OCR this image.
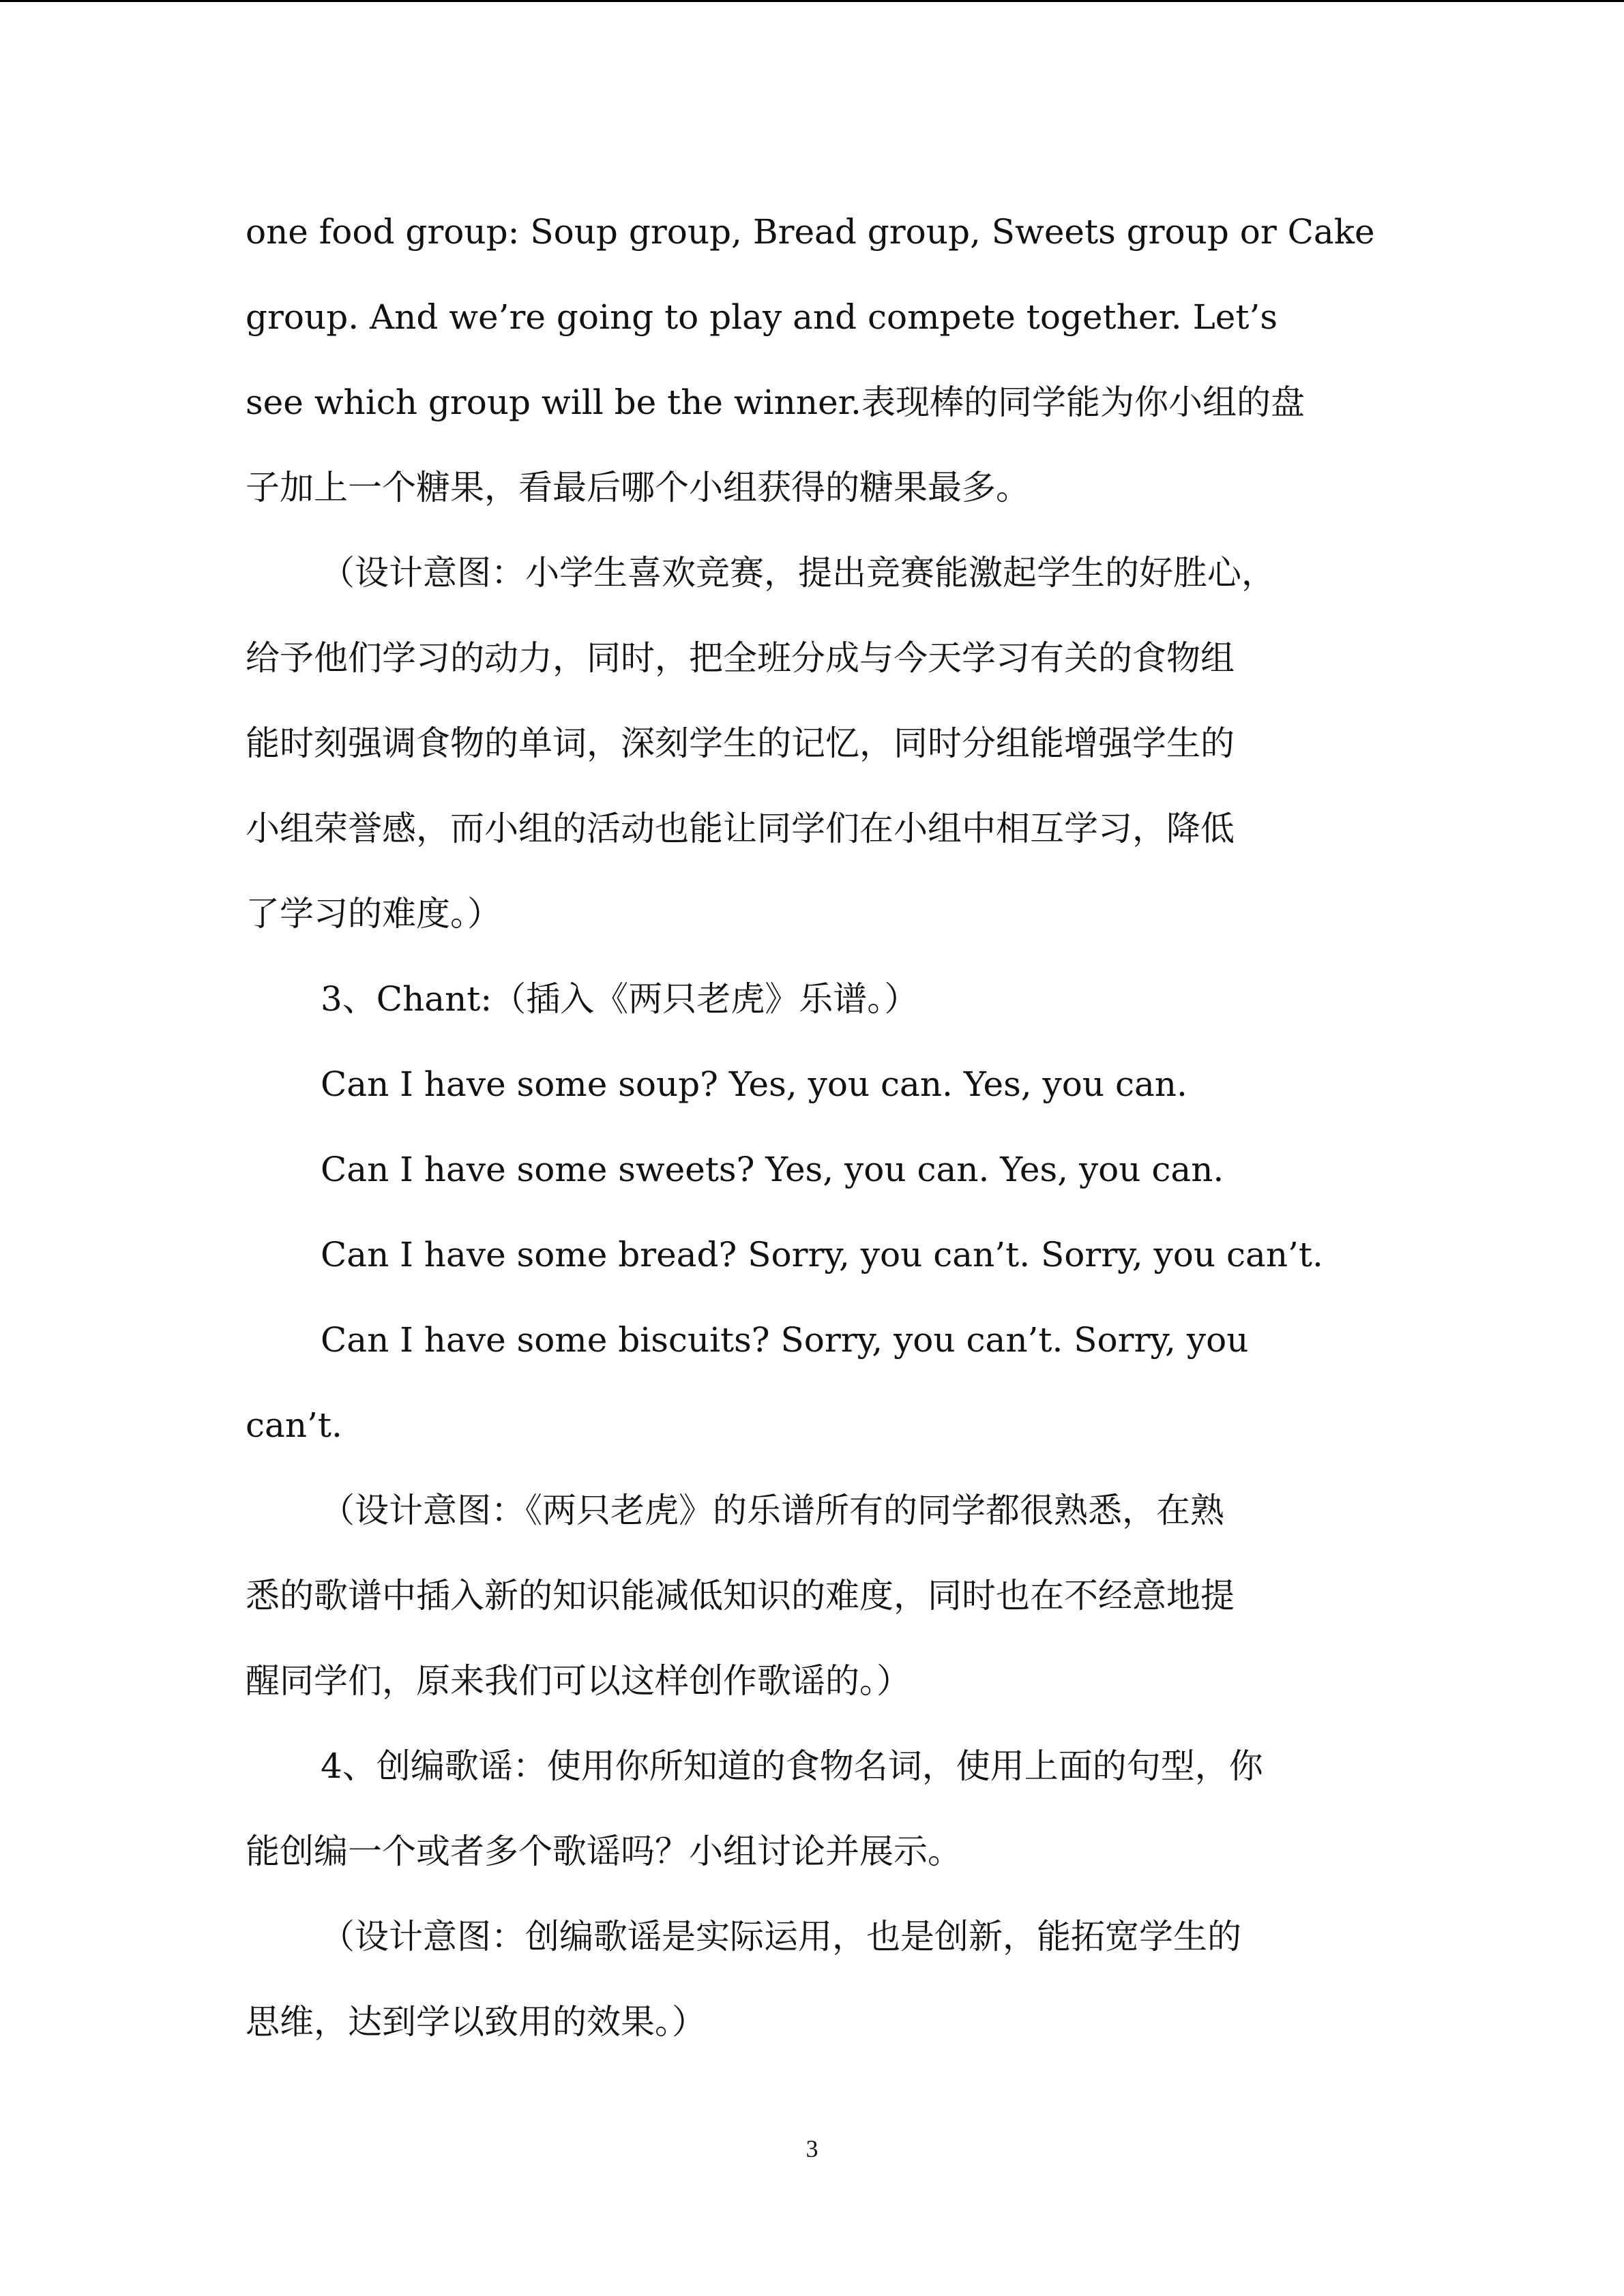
one food group: Soup group, Bread group, Sweets group or Cake
group. And we’re going to play and compete together. Let’s
see which group will be the winner.表现棒的同学能为你小组的盘
子加上一个糖果，看最后哪个小组获得的糖果最多。
（设计意图：小学生喜欢竞赛，提出竞赛能激起学生的好胜心，
给予他们学习的动力，同时，把全班分成与今天学习有关的食物组
能时刻强调食物的单词，深刻学生的记忆，同时分组能增强学生的
小组荣誉感，而小组的活动也能让同学们在小组中相互学习，降低
了学习的难度。）
3、Chant:（插入《两只老虎》乐谱。）
Can I have some soup? Yes, you can. Yes, you can.
Can I have some sweets? Yes, you can. Yes, you can.
Can I have some bread? Sorry, you can’t. Sorry, you can’t.
Can I have some biscuits? Sorry, you can’t. Sorry, you
can’t.
（设计意图：《两只老虎》的乐谱所有的同学都很熟悉，在熟
悉的歌谱中插入新的知识能减低知识的难度，同时也在不经意地提
醒同学们，原来我们可以这样创作歌谣的。）
4、创编歌谣：使用你所知道的食物名词，使用上面的句型，你
能创编一个或者多个歌谣吗？小组讨论并展示。
（设计意图：创编歌谣是实际运用，也是创新，能拓宽学生的
思维，达到学以致用的效果。）
3
